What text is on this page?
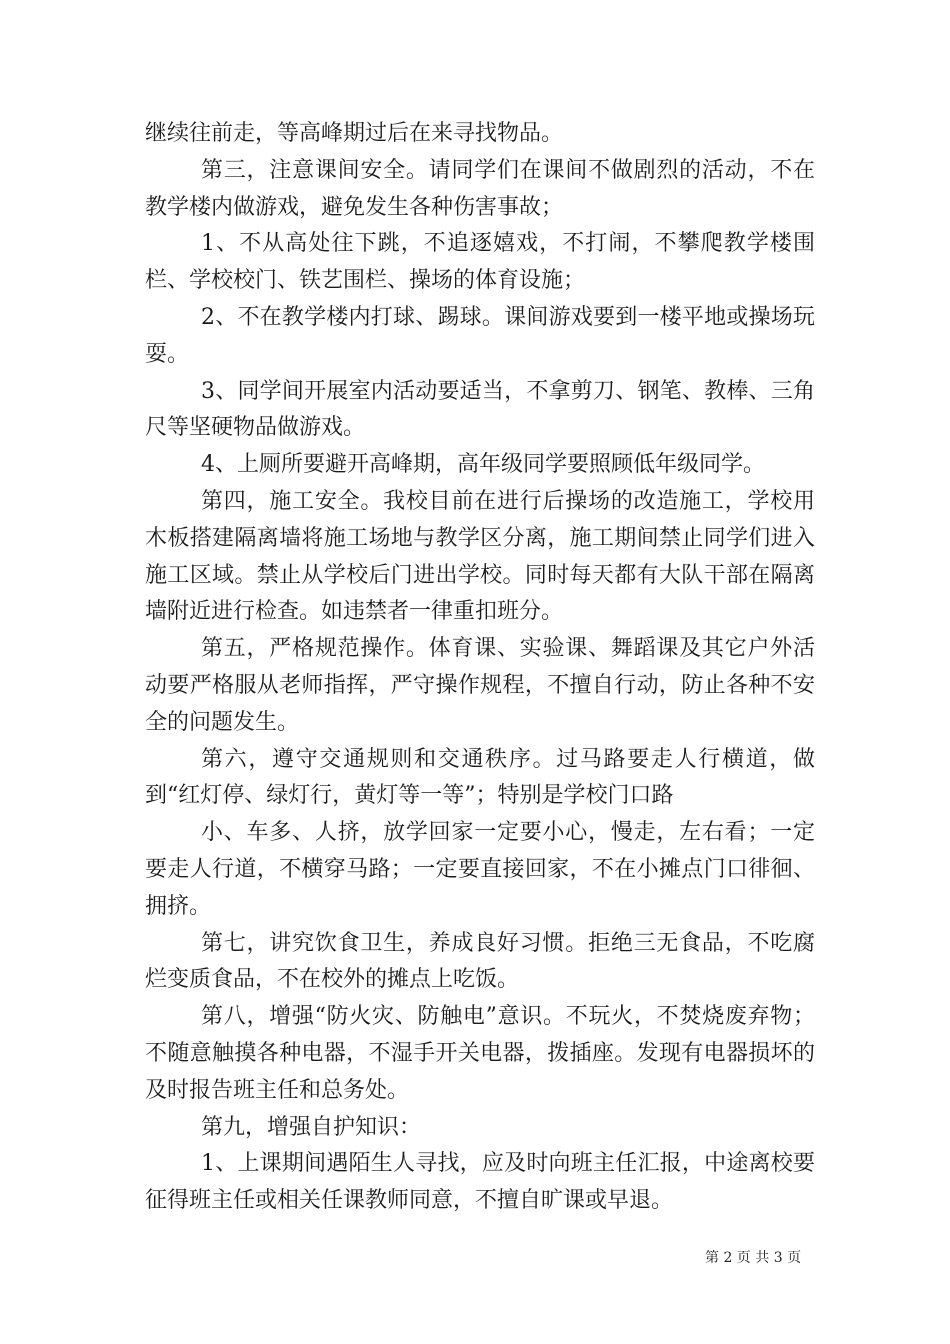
继续往前走，等高峰期过后在来寻找物品。

第三，注意课间安全。请同学们在课间不做剧烈的活动，不在教学楼内做游戏，避免发生各种伤害事故；

1、不从高处往下跳，不追逐嬉戏，不打闹，不攀爬教学楼围栏、学校校门、铁艺围栏、操场的体育设施；

2、不在教学楼内打球、踢球。课间游戏要到一楼平地或操场玩耍。

3、同学间开展室内活动要适当，不拿剪刀、钢笔、教棒、三角尺等坚硬物品做游戏。

4、上厕所要避开高峰期，高年级同学要照顾低年级同学。

第四，施工安全。我校目前在进行后操场的改造施工，学校用木板搭建隔离墙将施工场地与教学区分离，施工期间禁止同学们进入施工区域。禁止从学校后门进出学校。同时每天都有大队干部在隔离墙附近进行检查。如违禁者一律重扣班分。

第五，严格规范操作。体育课、实验课、舞蹈课及其它户外活动要严格服从老师指挥，严守操作规程，不擅自行动，防止各种不安全的问题发生。

第六，遵守交通规则和交通秩序。过马路要走人行横道，做到“红灯停、绿灯行，黄灯等一等”；特别是学校门口路

小、车多、人挤，放学回家一定要小心，慢走，左右看；一定要走人行道，不横穿马路；一定要直接回家，不在小摊点门口徘徊、拥挤。

第七，讲究饮食卫生，养成良好习惯。拒绝三无食品，不吃腐烂变质食品，不在校外的摊点上吃饭。

第八，增强“防火灾、防触电”意识。不玩火，不焚烧废弃物；不随意触摸各种电器，不湿手开关电器，拨插座。发现有电器损坏的及时报告班主任和总务处。

第九，增强自护知识：

1、上课期间遇陌生人寻找，应及时向班主任汇报，中途离校要征得班主任或相关任课教师同意，不擅自旷课或早退。

第 2 页 共 3 页
